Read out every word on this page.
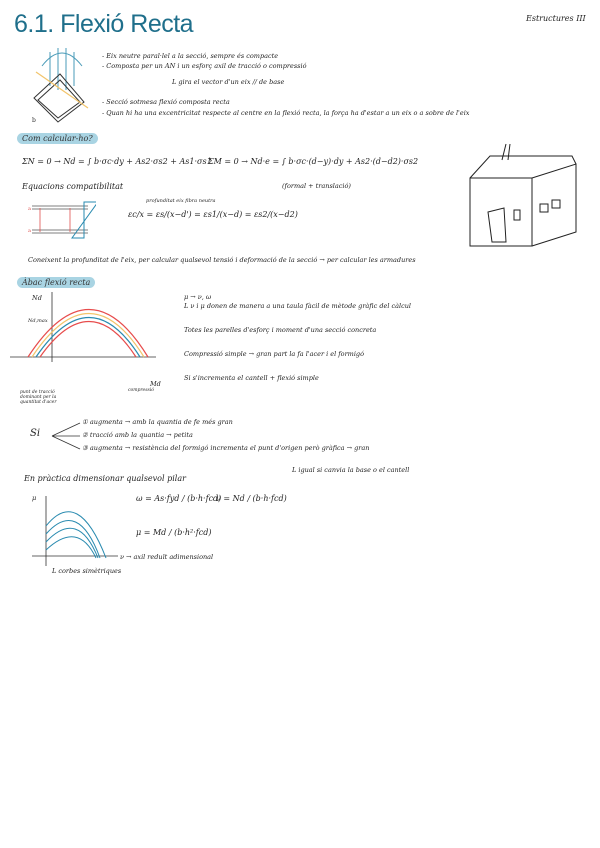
6.1. Flexió Recta	Estructures III
b
- Eix neutre paral·lel a la secció, sempre és compacte
- Composta per un AN i un esforç axil de tracció o compressió
L gira el vector d'un eix // de base
- Secció sotmesa flexió composta recta
- Quan hi ha una excentricitat respecte al centre en la flexió recta, la força ha d'estar a un eix o a sobre de l'eix
Com calcular-ho?
ΣN = 0 → Nd = ∫ b·σc·dy + As2·σs2 + As1·σs1
ΣM = 0 → Nd·e = ∫ b·σc·(d−y)·dy + As2·(d−d2)·σs2
(formal + translació)
Equacions compatibilitat
a
a
profunditat eix fibra neutra
εc/x = εs/(x−d') = εs1/(x−d) = εs2/(x−d2)
Coneixent la profunditat de l'eix, per calcular qualsevol tensió i deformació de la secció → per calcular les armadures
Àbac flexió recta
Nd
Nd,max
Md
punt de tracció dominant per la quantitat d'acer
compressió
μ → ν, ω
L ν i μ donen de manera a una taula fàcil de mètode gràfic del càlcul
Totes les parelles d'esforç i moment d'una secció concreta
Compressió simple → gran part la fa l'acer i el formigó
Si s'incrementa el cantell + flexió simple
Si
① augmenta → amb la quantia de fe més gran
② tracció amb la quantia → petita
③ augmenta → resistència del formigó incrementa el punt d'origen però gràfica → gran
L igual si canvia la base o el cantell
En pràctica dimensionar qualsevol pilar
μ	ω = As·fyd / (b·h·fcd)
ν = Nd / (b·h·fcd)
μ = Md / (b·h²·fcd)
ν → axil reduït adimensional
L corbes simètriques
